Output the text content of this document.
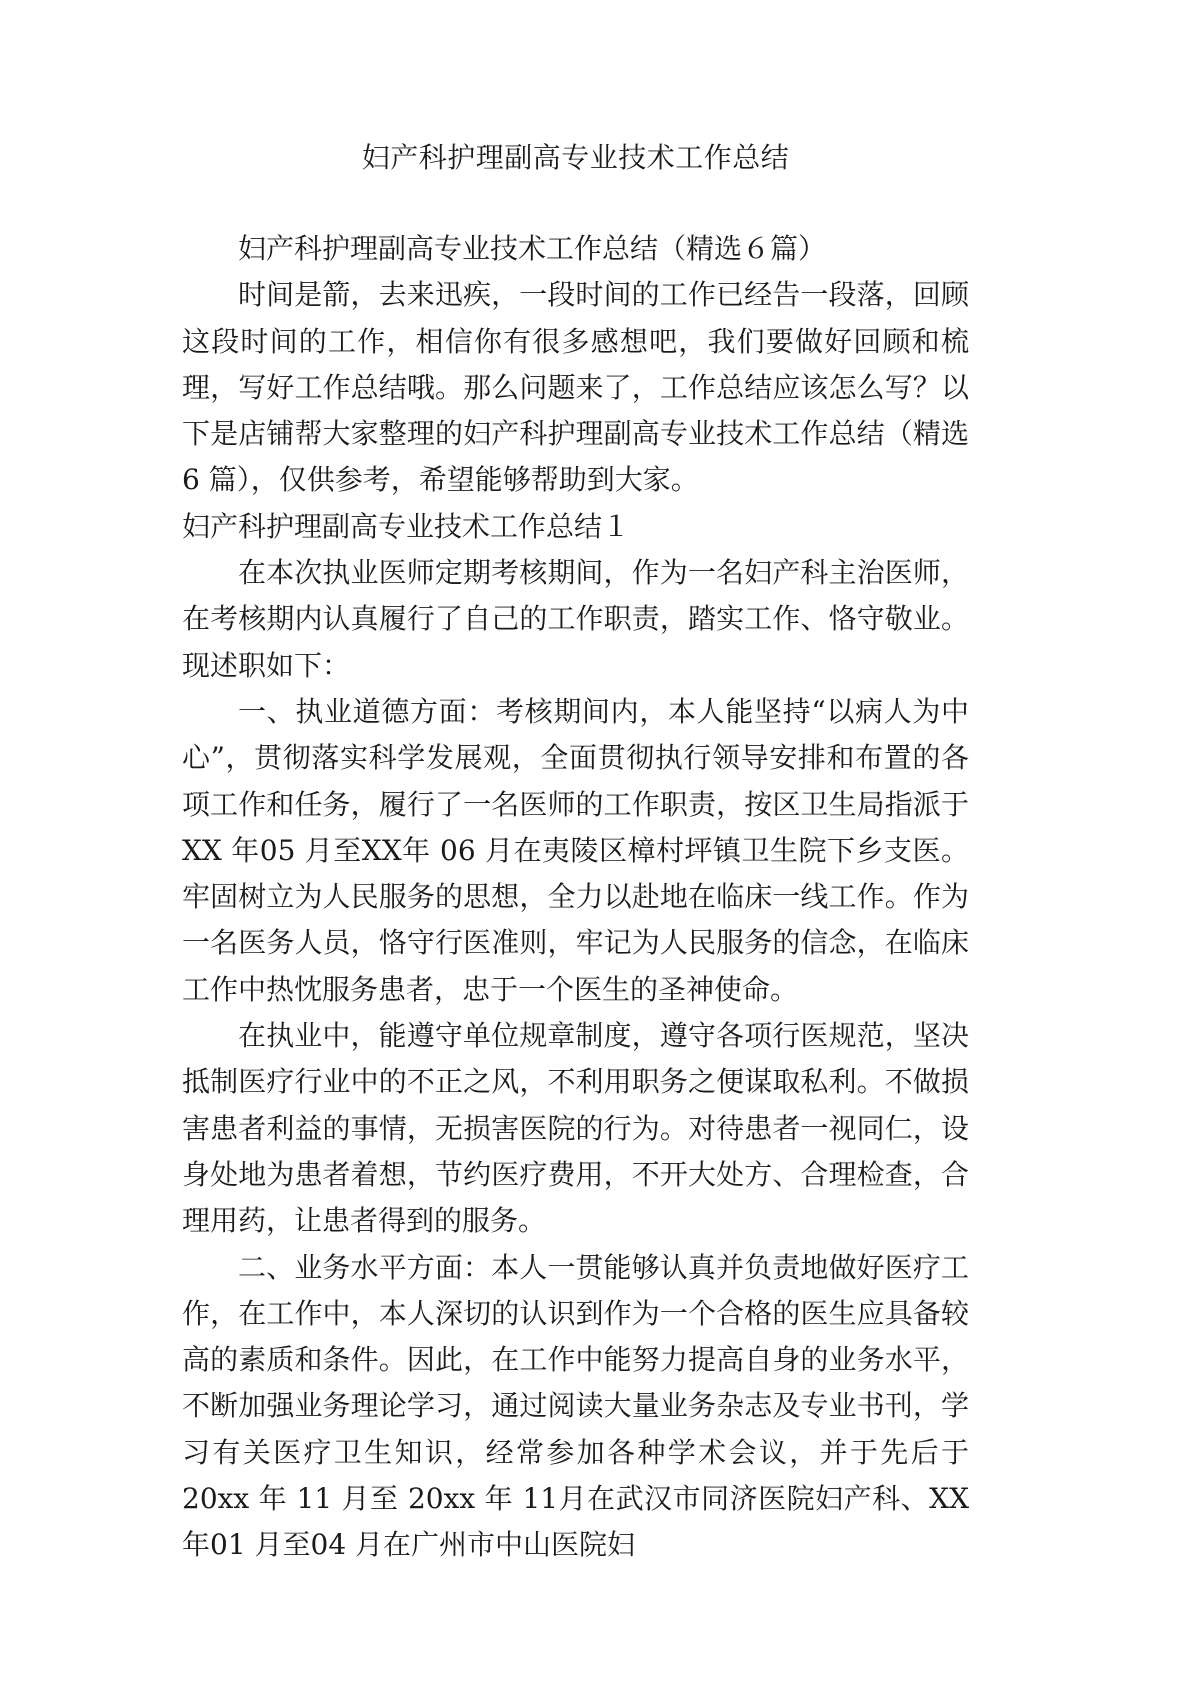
妇产科护理副高专业技术工作总结

妇产科护理副高专业技术工作总结（精选６篇）

时间是箭，去来迅疾，一段时间的工作已经告一段落，回顾这段时间的工作，相信你有很多感想吧，我们要做好回顾和梳理，写好工作总结哦。那么问题来了，工作总结应该怎么写？以下是店铺帮大家整理的妇产科护理副高专业技术工作总结（精选 6 篇），仅供参考，希望能够帮助到大家。

妇产科护理副高专业技术工作总结１

在本次执业医师定期考核期间，作为一名妇产科主治医师，在考核期内认真履行了自己的工作职责，踏实工作、恪守敬业。现述职如下：

一、执业道德方面：考核期间内，本人能坚持“以病人为中心”，贯彻落实科学发展观，全面贯彻执行领导安排和布置的各项工作和任务，履行了一名医师的工作职责，按区卫生局指派于XX 年05 月至XX年 06 月在夷陵区樟村坪镇卫生院下乡支医。牢固树立为人民服务的思想，全力以赴地在临床一线工作。作为一名医务人员，恪守行医准则，牢记为人民服务的信念，在临床工作中热忱服务患者，忠于一个医生的圣神使命。

在执业中，能遵守单位规章制度，遵守各项行医规范，坚决抵制医疗行业中的不正之风，不利用职务之便谋取私利。不做损害患者利益的事情，无损害医院的行为。对待患者一视同仁，设身处地为患者着想，节约医疗费用，不开大处方、合理检查，合理用药，让患者得到的服务。

二、业务水平方面：本人一贯能够认真并负责地做好医疗工作，在工作中，本人深切的认识到作为一个合格的医生应具备较高的素质和条件。因此，在工作中能努力提高自身的业务水平，不断加强业务理论学习，通过阅读大量业务杂志及专业书刊，学习有关医疗卫生知识，经常参加各种学术会议，并于先后于 20xx 年 11 月至 20xx 年 11月在武汉市同济医院妇产科、XX 年01 月至04 月在广州市中山医院妇
